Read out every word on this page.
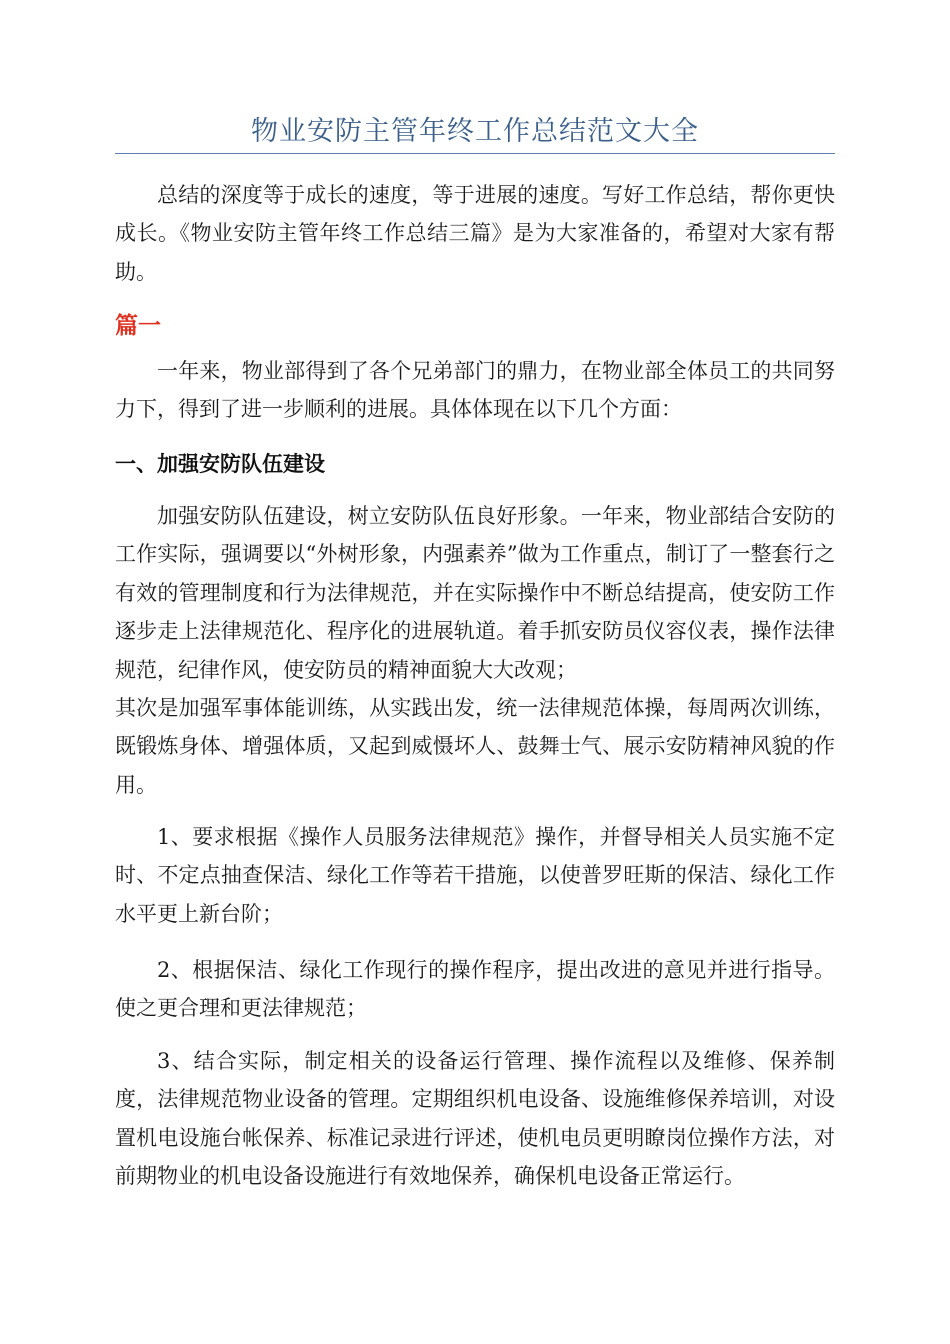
物业安防主管年终工作总结范文大全

总结的深度等于成长的速度，等于进展的速度。写好工作总结，帮你更快成长。《物业安防主管年终工作总结三篇》是为大家准备的，希望对大家有帮助。

篇一

一年来，物业部得到了各个兄弟部门的鼎力，在物业部全体员工的共同努力下，得到了进一步顺利的进展。具体体现在以下几个方面：

一、加强安防队伍建设

加强安防队伍建设，树立安防队伍良好形象。一年来，物业部结合安防的工作实际，强调要以“外树形象，内强素养”做为工作重点，制订了一整套行之有效的管理制度和行为法律规范，并在实际操作中不断总结提高，使安防工作逐步走上法律规范化、程序化的进展轨道。着手抓安防员仪容仪表，操作法律规范，纪律作风，使安防员的精神面貌大大改观；

其次是加强军事体能训练，从实践出发，统一法律规范体操，每周两次训练，既锻炼身体、增强体质，又起到威慑坏人、鼓舞士气、展示安防精神风貌的作用。

1、要求根据《操作人员服务法律规范》操作，并督导相关人员实施不定时、不定点抽查保洁、绿化工作等若干措施，以使普罗旺斯的保洁、绿化工作水平更上新台阶；

2、根据保洁、绿化工作现行的操作程序，提出改进的意见并进行指导。使之更合理和更法律规范；

3、结合实际，制定相关的设备运行管理、操作流程以及维修、保养制度，法律规范物业设备的管理。定期组织机电设备、设施维修保养培训，对设置机电设施台帐保养、标准记录进行评述，使机电员更明瞭岗位操作方法，对前期物业的机电设备设施进行有效地保养，确保机电设备正常运行。
